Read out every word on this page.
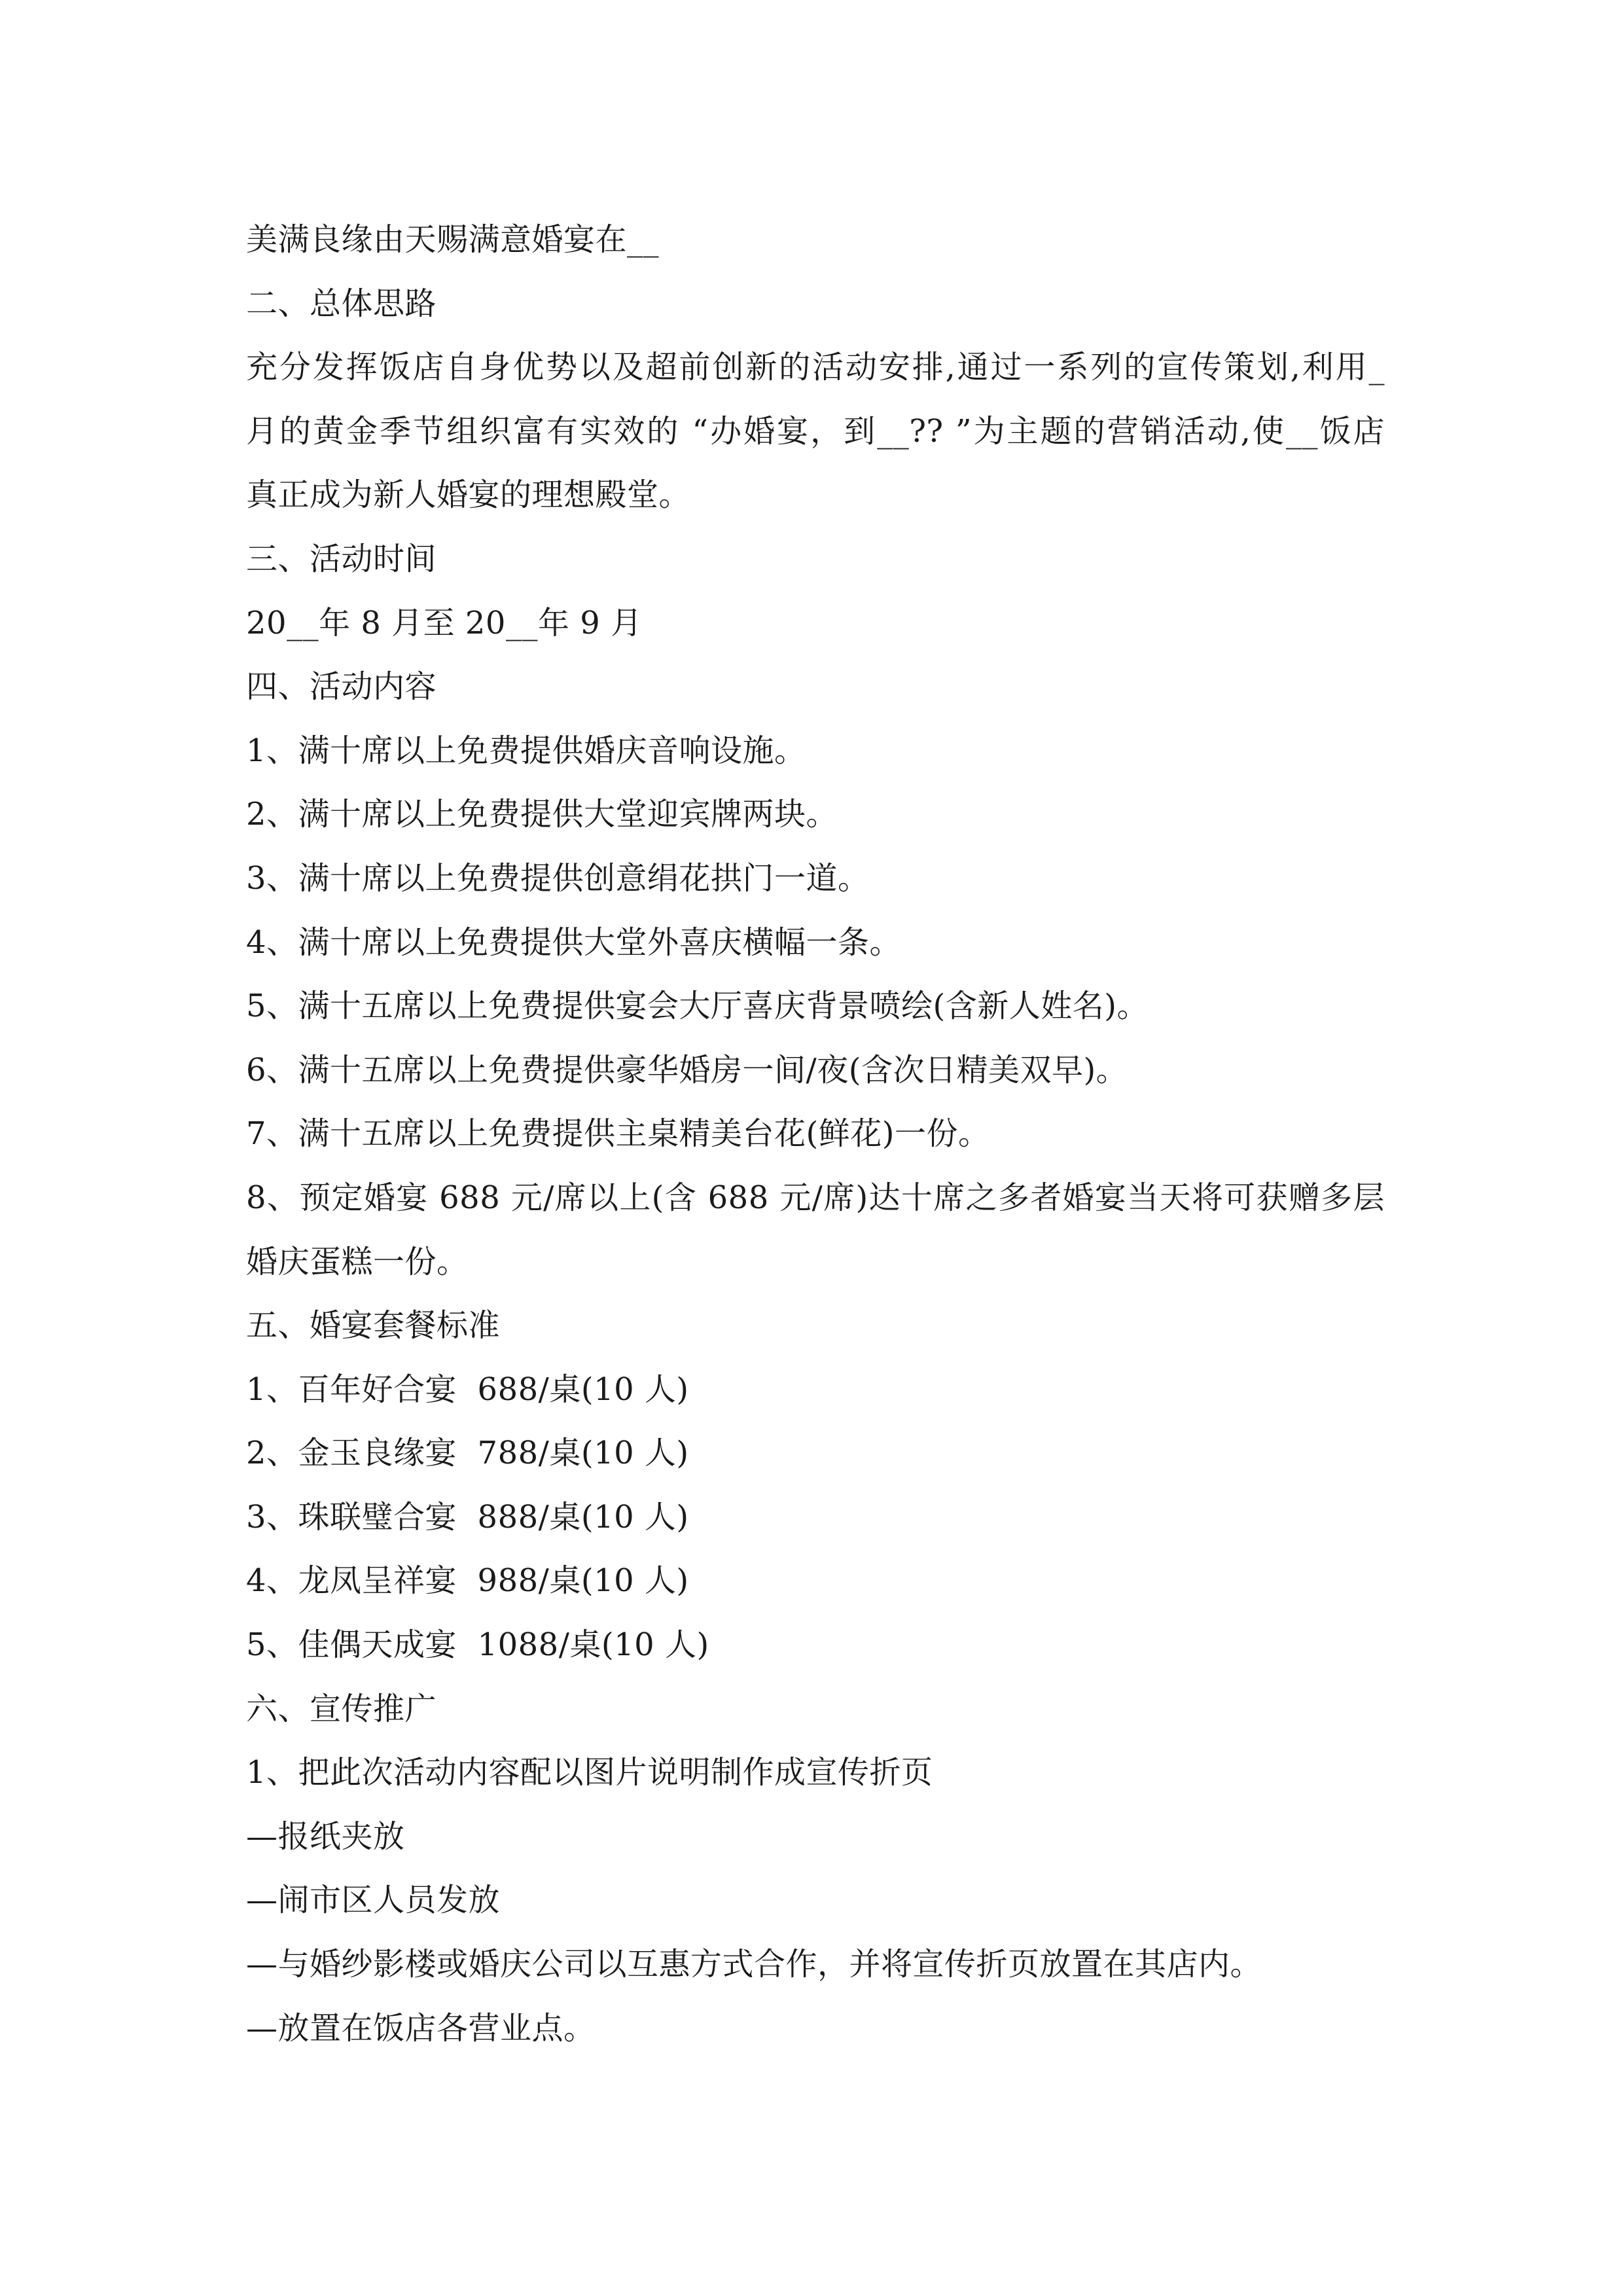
美满良缘由天赐满意婚宴在__
二、总体思路
充分发挥饭店自身优势以及超前创新的活动安排,通过一系列的宣传策划,利用_
月的黄金季节组织富有实效的 “办婚宴，到__?? ”为主题的营销活动,使__饭店
真正成为新人婚宴的理想殿堂。
三、活动时间
20__年 8 月至 20__年 9 月
四、活动内容
1、满十席以上免费提供婚庆音响设施。
2、满十席以上免费提供大堂迎宾牌两块。
3、满十席以上免费提供创意绢花拱门一道。
4、满十席以上免费提供大堂外喜庆横幅一条。
5、满十五席以上免费提供宴会大厅喜庆背景喷绘(含新人姓名)。
6、满十五席以上免费提供豪华婚房一间/夜(含次日精美双早)。
7、满十五席以上免费提供主桌精美台花(鲜花)一份。
8、预定婚宴 688 元/席以上(含 688 元/席)达十席之多者婚宴当天将可获赠多层
婚庆蛋糕一份。
五、婚宴套餐标准
1、百年好合宴  688/桌(10 人)
2、金玉良缘宴  788/桌(10 人)
3、珠联璧合宴  888/桌(10 人)
4、龙凤呈祥宴  988/桌(10 人)
5、佳偶天成宴  1088/桌(10 人)
六、宣传推广
1、把此次活动内容配以图片说明制作成宣传折页
—报纸夹放
—闹市区人员发放
—与婚纱影楼或婚庆公司以互惠方式合作，并将宣传折页放置在其店内。
—放置在饭店各营业点。
